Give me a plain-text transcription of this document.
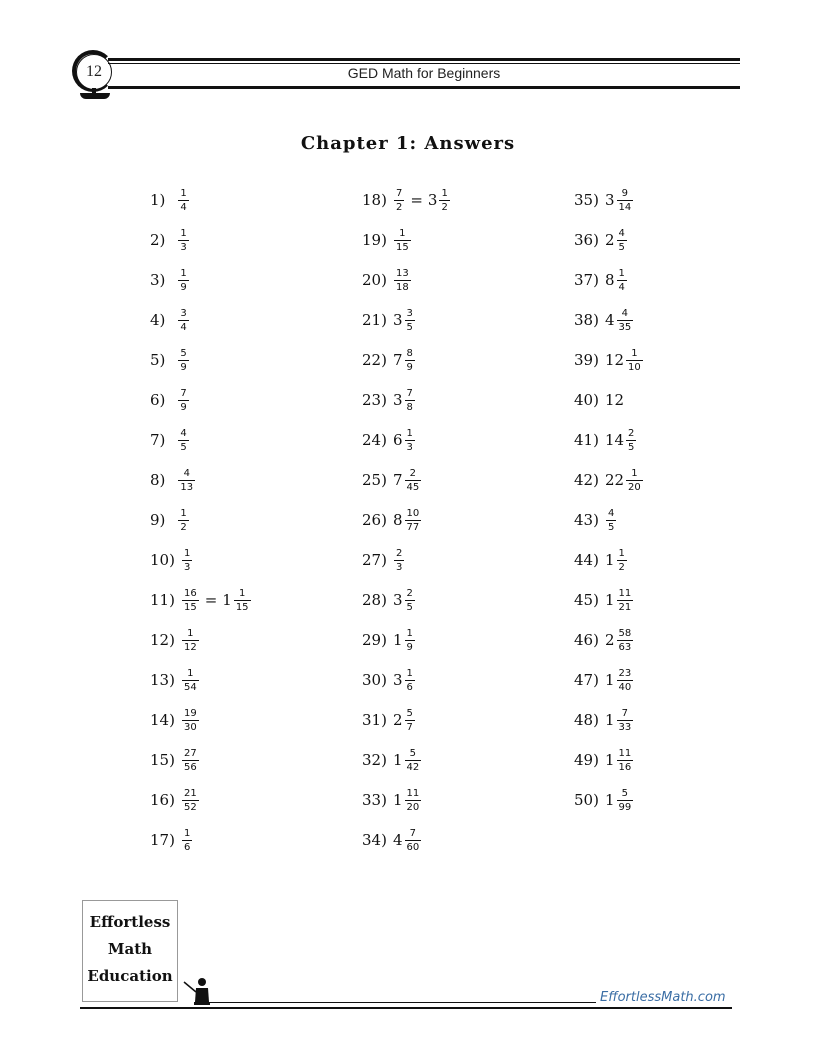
12	GED Math for Beginners
Chapter 1: Answers
$1) \frac{1}{4}$
$2) \frac{1}{3}$
$3) \frac{1}{9}$
$4) \frac{3}{4}$
$5) \frac{5}{9}$
$6) \frac{7}{9}$
$7) \frac{4}{5}$
$8) \frac{4}{13}$
$9) \frac{1}{2}$
$10) \frac{1}{3}$
$11) \frac{16}{15} = 1 \frac{1}{15}$
$12) \frac{1}{12}$
$13) \frac{1}{54}$
$14) \frac{19}{30}$
$15) \frac{27}{56}$
$16) \frac{21}{52}$
$17) \frac{1}{6}$
$18) \frac{7}{2} = 3 \frac{1}{2}$
$19) \frac{1}{15}$
$20) \frac{13}{18}$
21) $3 \frac{3}{5}$
22) $7 \frac{8}{9}$
23) $3 \frac{7}{8}$
24) $6 \frac{1}{3}$
25) $7 \frac{2}{45}$
26) $8 \frac{10}{77}$
$27) \frac{2}{3}$
28) $3 \frac{2}{5}$
29) $1 \frac{1}{9}$
30) $3 \frac{1}{6}$
31) $2 \frac{5}{7}$
32) $1 \frac{5}{42}$
33) $1 \frac{11}{20}$
34) $4 \frac{7}{60}$
35) $3 \frac{9}{14}$
36) $2 \frac{4}{5}$
37) $8 \frac{1}{4}$
38) $4 \frac{4}{35}$
39) $12 \frac{1}{10}$
40) 12
41) $14 \frac{2}{5}$
42) $22 \frac{1}{20}$
$43) \frac{4}{5}$
44) $1 \frac{1}{2}$
45) $1 \frac{11}{21}$
46) $2 \frac{58}{63}$
47) $1 \frac{23}{40}$
48) $1 \frac{7}{33}$
49) $1 \frac{11}{16}$
50) $1 \frac{5}{99}$
Effortless
Math
Education
EffortlessMath.com
